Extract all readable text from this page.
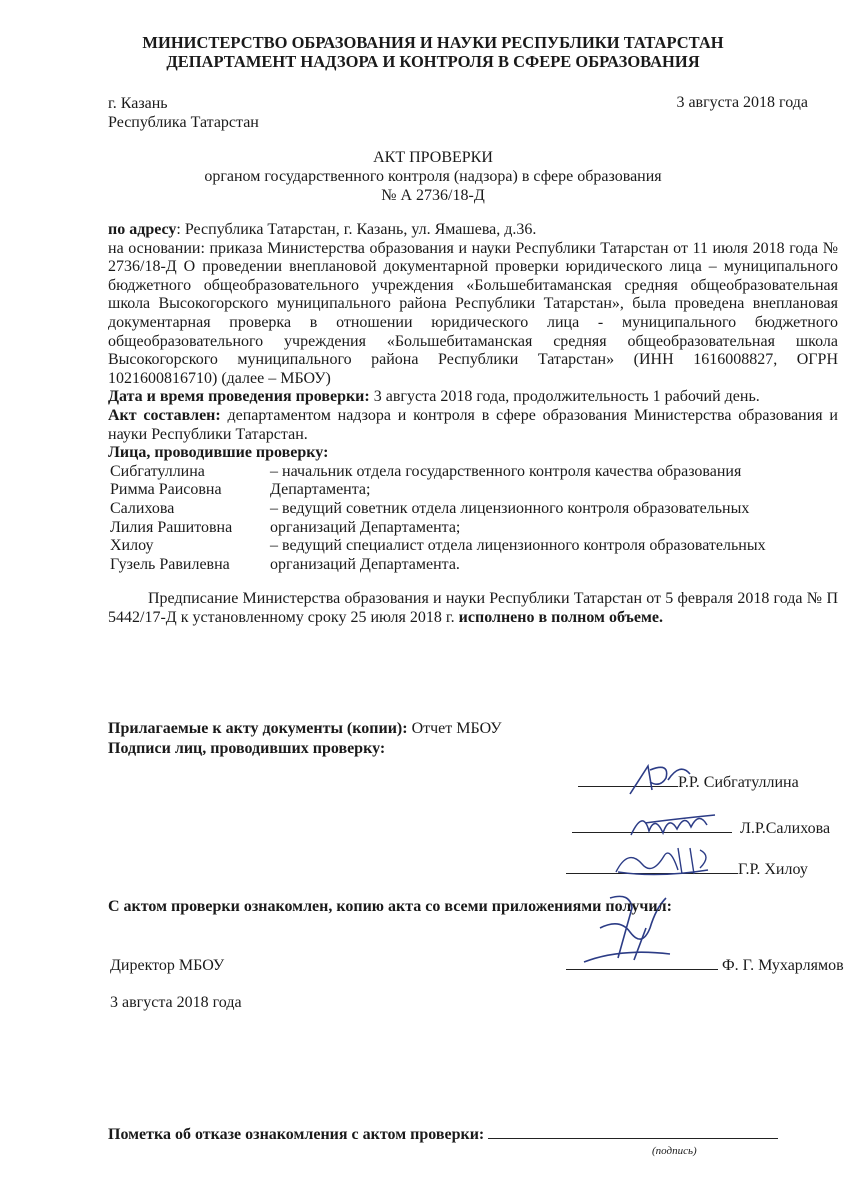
МИНИСТЕРСТВО ОБРАЗОВАНИЯ И НАУКИ РЕСПУБЛИКИ ТАТАРСТАН
ДЕПАРТАМЕНТ НАДЗОРА И КОНТРОЛЯ В СФЕРЕ ОБРАЗОВАНИЯ
г. Казань
Республика Татарстан
3 августа 2018 года
АКТ ПРОВЕРКИ
органом государственного контроля (надзора) в сфере образования
№ А 2736/18-Д

по адресу: Республика Татарстан, г. Казань, ул. Ямашева, д.36.

на основании: приказа Министерства образования и науки Республики Татарстан от 11 июля 2018 года № 2736/18-Д О проведении внеплановой документарной проверки юридического лица – муниципального бюджетного общеобразовательного учреждения «Большебитаманская средняя общеобразовательная школа Высокогорского муниципального района Республики Татарстан», была проведена внеплановая документарная проверка в отношении юридического лица - муниципального бюджетного общеобразовательного учреждения «Большебитаманская средняя общеобразовательная школа Высокогорского муниципального района Республики Татарстан» (ИНН 1616008827, ОГРН 1021600816710) (далее – МБОУ)

Дата и время проведения проверки: 3 августа 2018 года, продолжительность 1 рабочий день.

Акт составлен: департаментом надзора и контроля в сфере образования Министерства образования и науки Республики Татарстан.

Лица, проводившие проверку:

Сибгатуллина	– начальник отдела государственного контроля качества образования
Римма Раисовна	Департамента;
Салихова	– ведущий советник отдела лицензионного контроля образовательных
Лилия Рашитовна	организаций Департамента;
Хилоу	– ведущий специалист отдела лицензионного контроля образовательных
Гузель Равилевна	организаций Департамента.

Предписание Министерства образования и науки Республики Татарстан от 5 февраля 2018 года № П 5442/17-Д к установленному сроку 25 июля 2018 г. исполнено в полном объеме.

Прилагаемые к акту документы (копии): Отчет МБОУ
Подписи лиц, проводивших проверку:
Р.Р. Сибгатуллина
Л.Р.Салихова
Г.Р. Хилоу
С актом проверки ознакомлен, копию акта со всеми приложениями получил:
Директор МБОУ	Ф. Г. Мухарлямов
3 августа 2018 года
Пометка об отказе ознакомления с актом проверки:
(подпись)
